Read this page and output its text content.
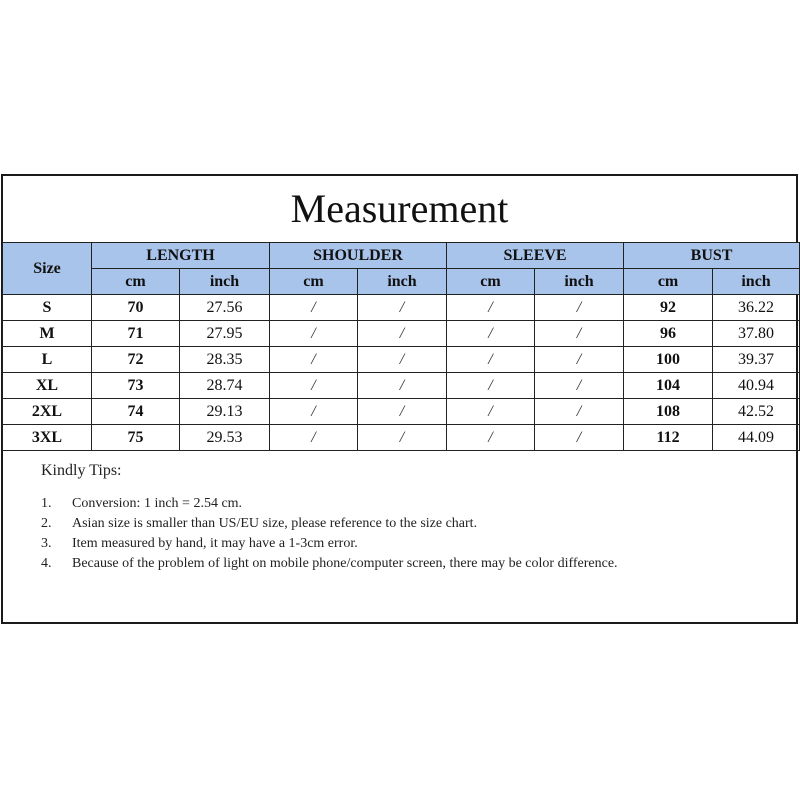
Measurement
Size	LENGTH		SHOULDER		SLEEVE		BUST	
	cm	inch	cm	inch	cm	inch	cm	inch
S	70	27.56	/	/	/	/	92	36.22
M	71	27.95	/	/	/	/	96	37.80
L	72	28.35	/	/	/	/	100	39.37
XL	73	28.74	/	/	/	/	104	40.94
2XL	74	29.13	/	/	/	/	108	42.52
3XL	75	29.53	/	/	/	/	112	44.09
Kindly Tips:
1.	Conversion: 1 inch = 2.54 cm.
2.	Asian size is smaller than US/EU size, please reference to the size chart.
3.	Item measured by hand, it may have a 1-3cm error.
4.	Because of the problem of light on mobile phone/computer screen, there may be color difference.
